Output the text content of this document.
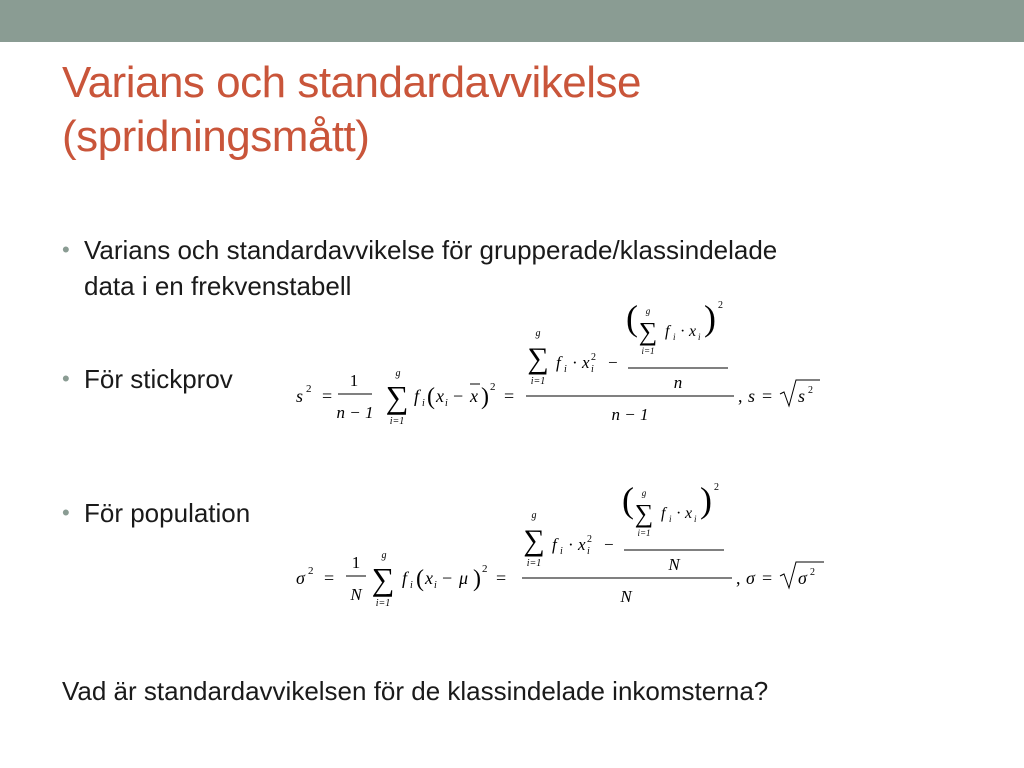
Varians och standardavvikelse
(spridningsmått)
• Varians och standardavvikelse för grupperade/klassindelade
data i en frekvenstabell
• För stickprov
• För population
s 2 =
1
n − 1
g
∑
i=1
f i ( x i − x ) 2 =
g
∑
i=1
f i · x i
2 −
( g
∑
i=1
f i · x i ) 2
n
n − 1
, s = s 2
σ 2 =
1
N
g
∑
i=1
f i ( x i − μ ) 2 =
g
∑
i=1
f i · x i
2 −
( g
∑
i=1
f i · x i ) 2
N
N
, σ = σ 2
Vad är standardavvikelsen för de klassindelade inkomsterna?
